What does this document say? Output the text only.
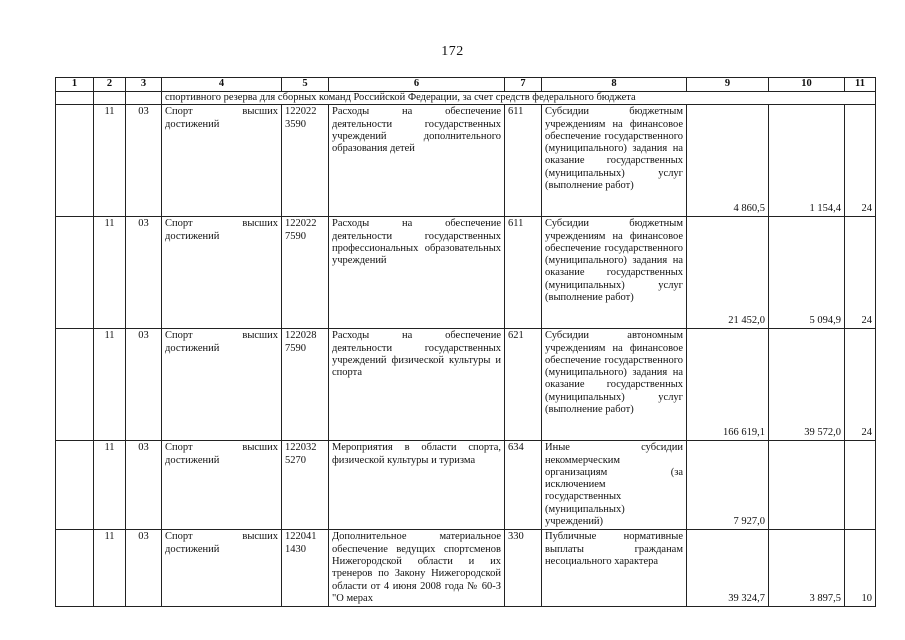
172
1	2	3	4	5	6	7	8	9	10	11
			спортивного резерва для сборных команд Российской Федерации, за счет средств федерального бюджета							
	11	03	Спорт высших достижений	122022 3590	Расходы на обеспечение деятельности государственных учреждений дополнительного образования детей	611	Субсидии бюджетным учреждениям на финансовое обеспечение государственного (муниципального) задания на оказание государственных (муниципальных) услуг (выполнение работ)	4 860,5	1 154,4	24
	11	03	Спорт высших достижений	122022 7590	Расходы на обеспечение деятельности государственных профессиональных образовательных учреждений	611	Субсидии бюджетным учреждениям на финансовое обеспечение государственного (муниципального) задания на оказание государственных (муниципальных) услуг (выполнение работ)	21 452,0	5 094,9	24
	11	03	Спорт высших достижений	122028 7590	Расходы на обеспечение деятельности государственных учреждений физической культуры и спорта	621	Субсидии автономным учреждениям на финансовое обеспечение государственного (муниципального) задания на оказание государственных (муниципальных) услуг (выполнение работ)	166 619,1	39 572,0	24
	11	03	Спорт высших достижений	122032 5270	Мероприятия в области спорта, физической культуры и туризма	634	Иные субсидии некоммерческим организациям (за исключением государственных (муниципальных) учреждений)	7 927,0		
	11	03	Спорт высших достижений	122041 1430	Дополнительное материальное обеспечение ведущих спортсменов Нижегородской области и их тренеров по Закону Нижегородской области от 4 июня 2008 года № 60-З "О мерах	330	Публичные нормативные выплаты гражданам несоциального характера	39 324,7	3 897,5	10
